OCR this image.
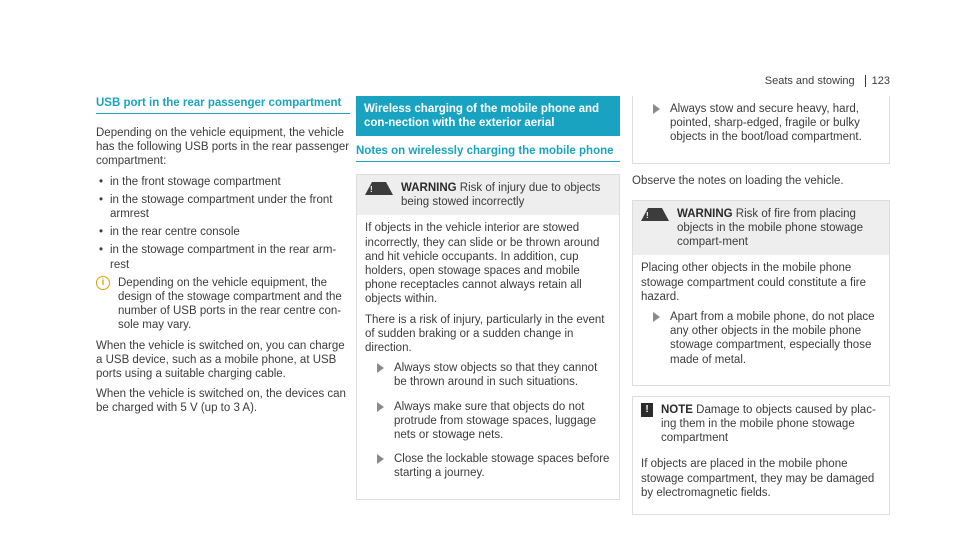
Seats and stowing	123
USB port in the rear passenger compartment

Depending on the vehicle equipment, the vehicle has the following USB ports in the rear passenger compartment:

• in the front stowage compartment
• in the stowage compartment under the front armrest
• in the rear centre console
• in the stowage compartment in the rear arm-rest
i	Depending on the vehicle equipment, the design of the stowage compartment and the number of USB ports in the rear centre con-sole may vary.

When the vehicle is switched on, you can charge a USB device, such as a mobile phone, at USB ports using a suitable charging cable.

When the vehicle is switched on, the devices can be charged with 5 V (up to 3 A).

Wireless charging of the mobile phone and con-nection with the exterior aerial
Notes on wirelessly charging the mobile phone
! WARNING Risk of injury due to objects being stowed incorrectly

If objects in the vehicle interior are stowed incorrectly, they can slide or be thrown around and hit vehicle occupants. In addition, cup holders, open stowage spaces and mobile phone receptacles cannot always retain all objects within.

There is a risk of injury, particularly in the event of sudden braking or a sudden change in direction.

Always stow objects so that they cannot be thrown around in such situations.
Always make sure that objects do not protrude from stowage spaces, luggage nets or stowage nets.
Close the lockable stowage spaces before starting a journey.
Always stow and secure heavy, hard, pointed, sharp-edged, fragile or bulky objects in the boot/load compartment.

Observe the notes on loading the vehicle.

! WARNING Risk of fire from placing objects in the mobile phone stowage compart-ment

Placing other objects in the mobile phone stowage compartment could constitute a fire hazard.

Apart from a mobile phone, do not place any other objects in the mobile phone stowage compartment, especially those made of metal.
!	NOTE Damage to objects caused by plac-ing them in the mobile phone stowage compartment

If objects are placed in the mobile phone stowage compartment, they may be damaged by electromagnetic fields.
